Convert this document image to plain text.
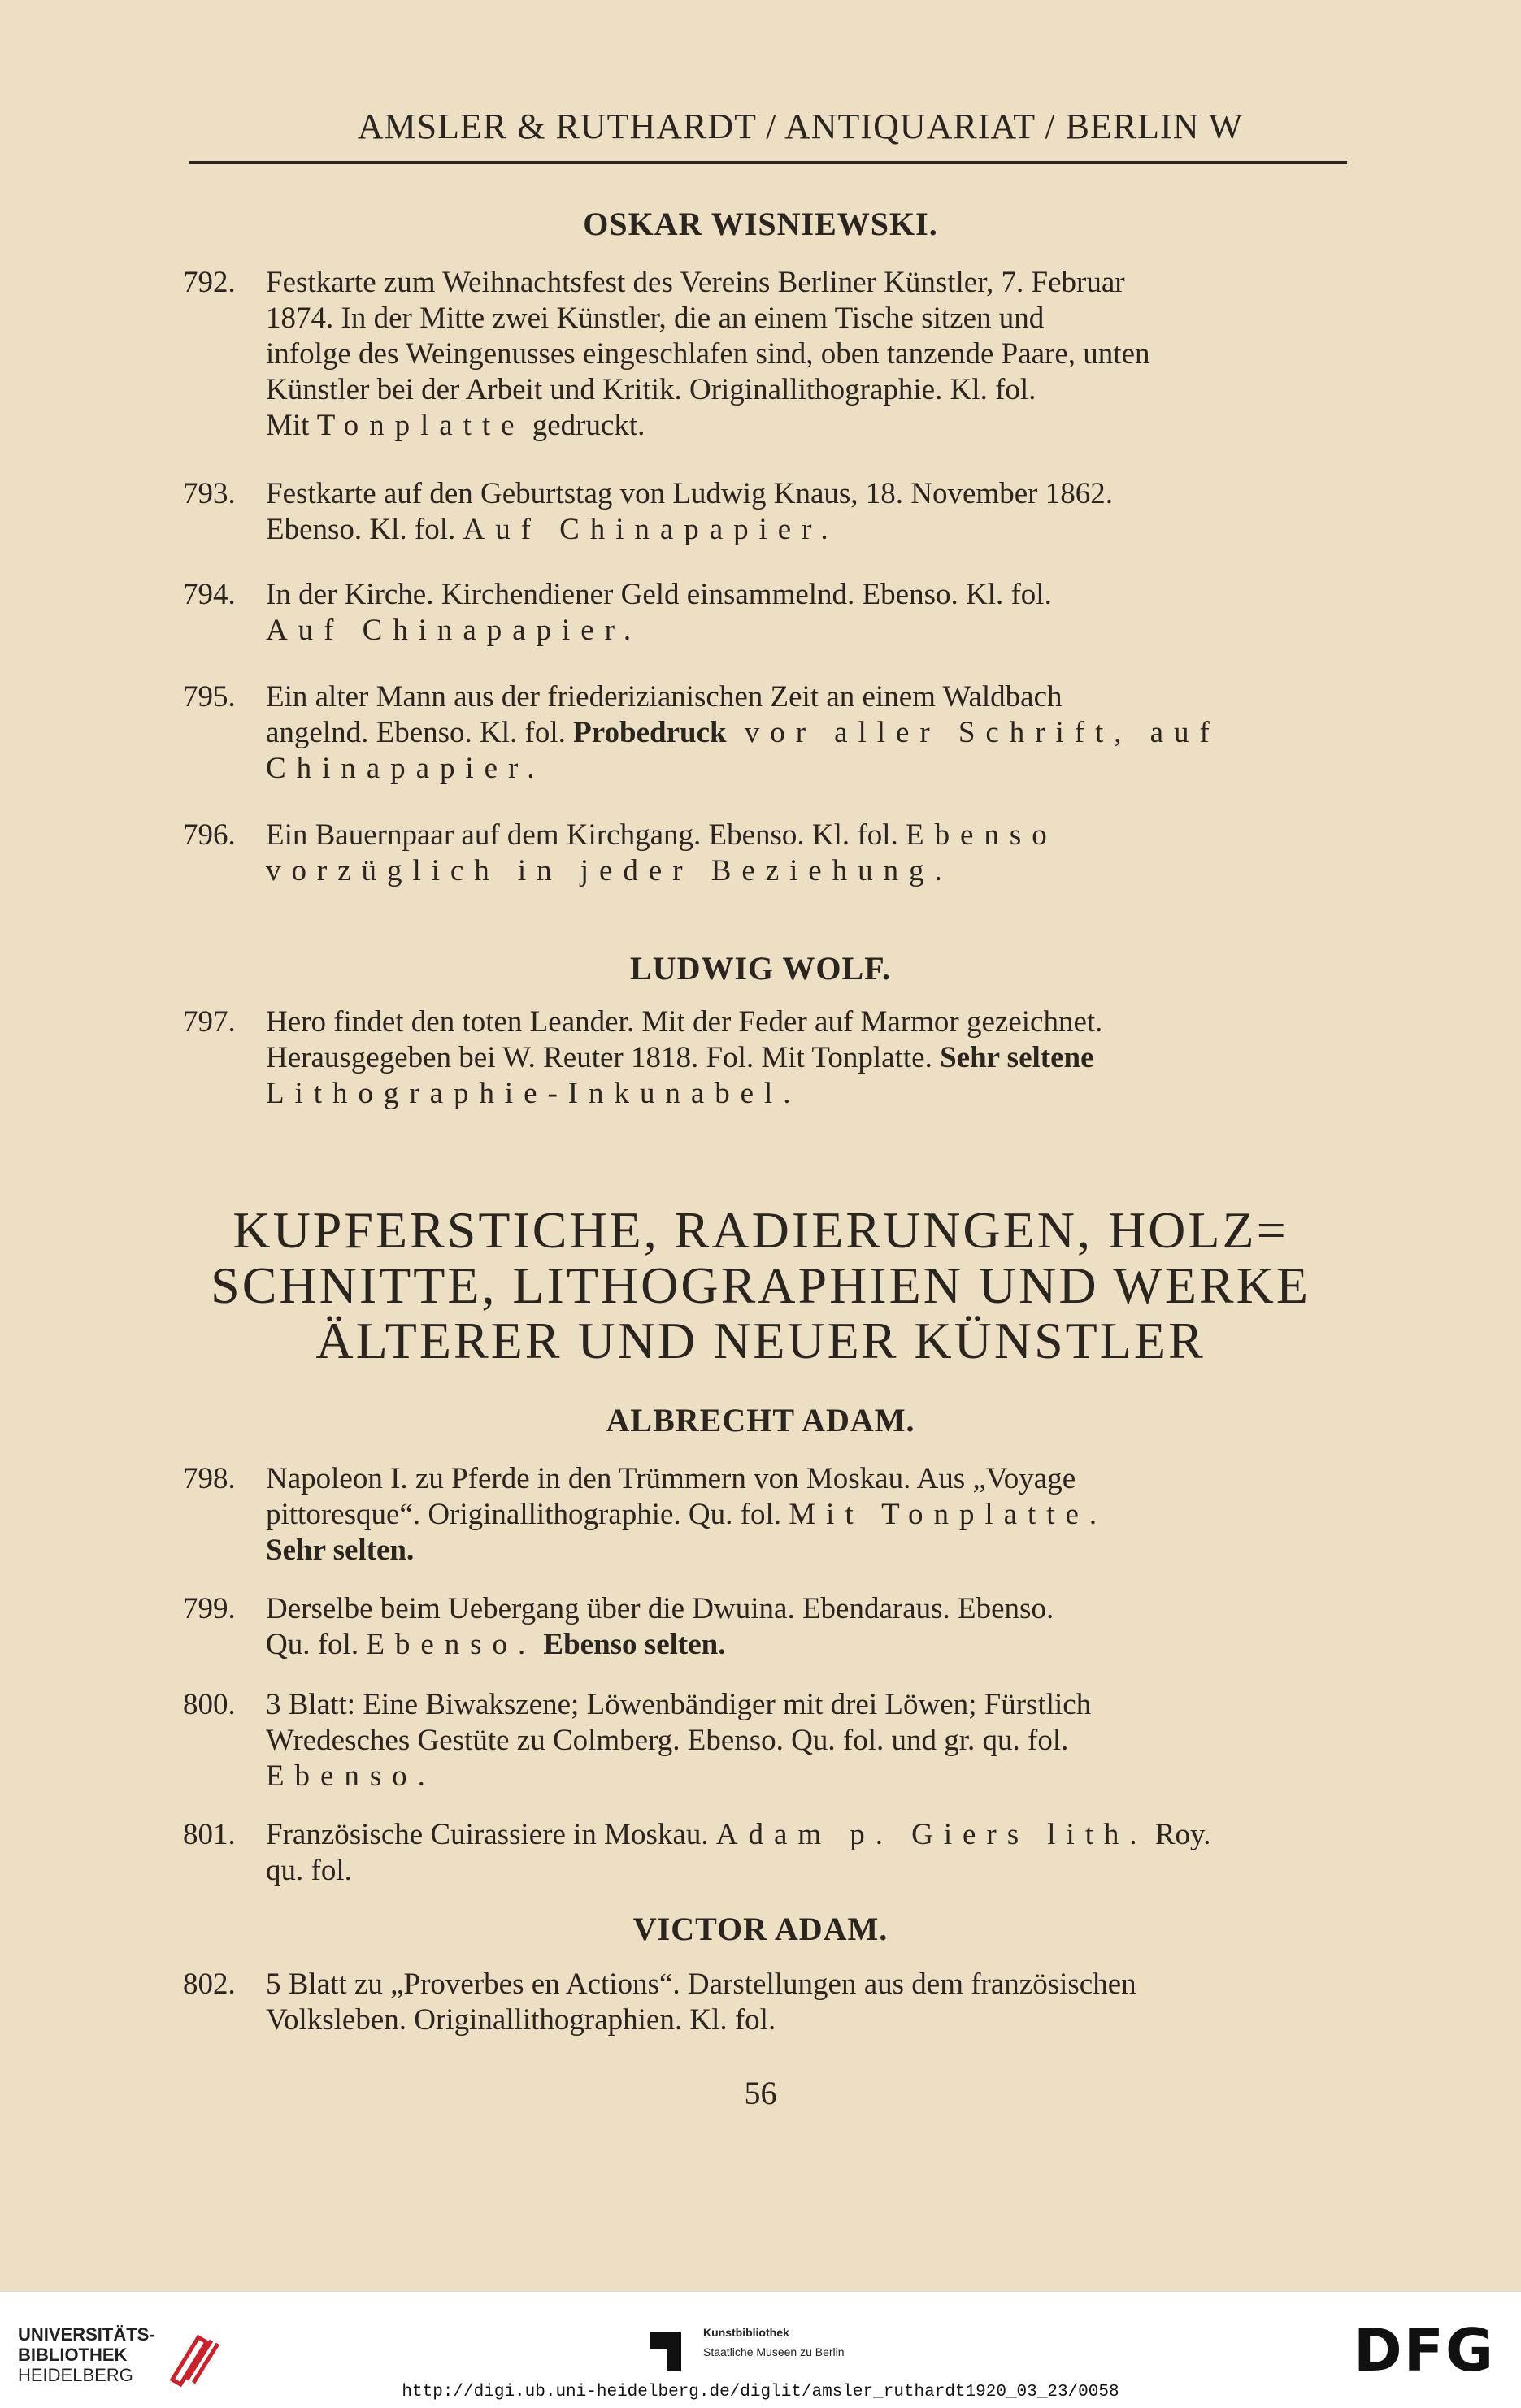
AMSLER & RUTHARDT / ANTIQUARIAT / BERLIN W
OSKAR WISNIEWSKI.
792. Festkarte zum Weihnachtsfest des Vereins Berliner Künstler, 7. Februar
1874. In der Mitte zwei Künstler, die an einem Tische sitzen und
infolge des Weingenusses eingeschlafen sind, oben tanzende Paare, unten
Künstler bei der Arbeit und Kritik. Originallithographie. Kl. fol.
Mit Tonplatte gedruckt.
793. Festkarte auf den Geburtstag von Ludwig Knaus, 18. November 1862.
Ebenso. Kl. fol. Auf Chinapapier.
794. In der Kirche. Kirchendiener Geld einsammelnd. Ebenso. Kl. fol.
Auf Chinapapier.
795. Ein alter Mann aus der friederizianischen Zeit an einem Waldbach
angelnd. Ebenso. Kl. fol. Probedruck vor aller Schrift, auf
Chinapapier.
796. Ein Bauernpaar auf dem Kirchgang. Ebenso. Kl. fol. Ebenso
vorzüglich in jeder Beziehung.
LUDWIG WOLF.
797. Hero findet den toten Leander. Mit der Feder auf Marmor gezeichnet.
Herausgegeben bei W. Reuter 1818. Fol. Mit Tonplatte. Sehr seltene
Lithographie-Inkunabel.
KUPFERSTICHE, RADIERUNGEN, HOLZ=
SCHNITTE, LITHOGRAPHIEN UND WERKE
ÄLTERER UND NEUER KÜNSTLER
ALBRECHT ADAM.
798. Napoleon I. zu Pferde in den Trümmern von Moskau. Aus „Voyage
pittoresque“. Originallithographie. Qu. fol. Mit Tonplatte.
Sehr selten.
799. Derselbe beim Uebergang über die Dwuina. Ebendaraus. Ebenso.
Qu. fol. Ebenso. Ebenso selten.
800. 3 Blatt: Eine Biwakszene; Löwenbändiger mit drei Löwen; Fürstlich
Wredesches Gestüte zu Colmberg. Ebenso. Qu. fol. und gr. qu. fol.
Ebenso.
801. Französische Cuirassiere in Moskau. Adam p. Giers lith. Roy.
qu. fol.
VICTOR ADAM.
802. 5 Blatt zu „Proverbes en Actions“. Darstellungen aus dem französischen
Volksleben. Originallithographien. Kl. fol.
56
UNIVERSITÄTS-
BIBLIOTHEK
HEIDELBERG
Kunstbibliothek
Staatliche Museen zu Berlin	DFG
http://digi.ub.uni-heidelberg.de/diglit/amsler_ruthardt1920_03_23/0058
